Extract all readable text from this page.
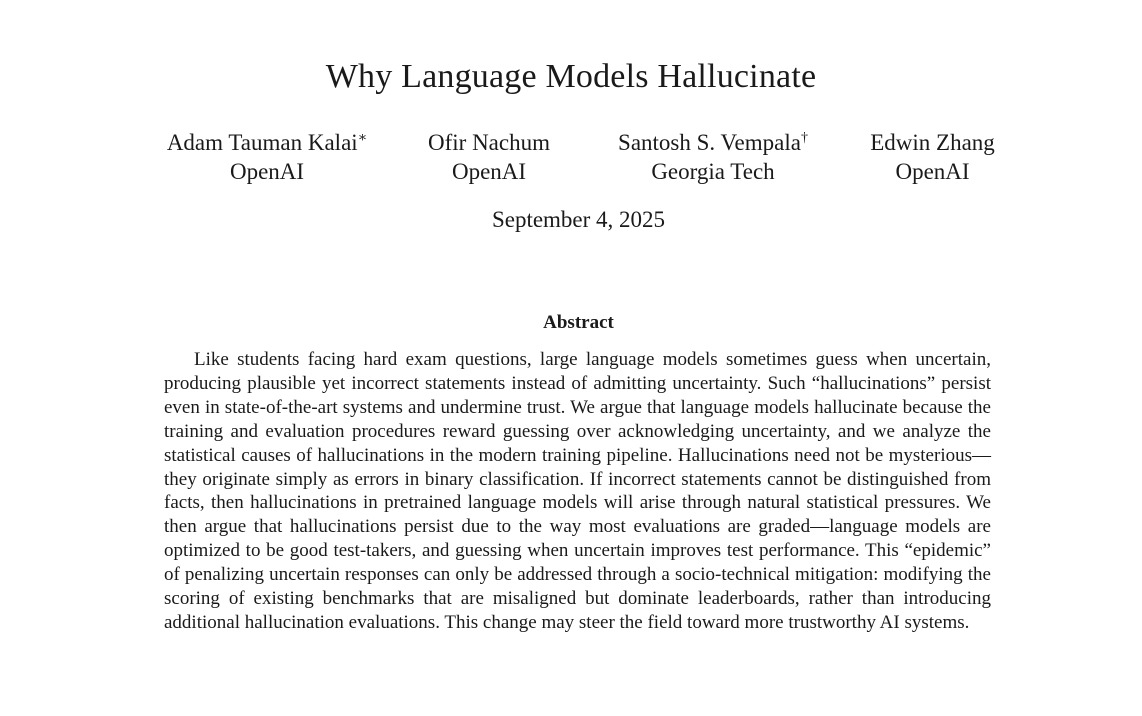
Why Language Models Hallucinate
Adam Tauman Kalai∗
OpenAI
Ofir Nachum
OpenAI
Santosh S. Vempala†
Georgia Tech
Edwin Zhang
OpenAI
September 4, 2025
Abstract

Like students facing hard exam questions, large language models sometimes guess when uncertain, producing plausible yet incorrect statements instead of admitting uncertainty. Such “hallucinations” persist even in state-of-the-art systems and undermine trust. We argue that language models hallucinate because the training and evaluation procedures reward guessing over acknowledging uncertainty, and we analyze the statistical causes of hallucinations in the modern training pipeline. Hallucinations need not be mysterious—they originate simply as errors in binary classification. If incorrect statements cannot be distinguished from facts, then hallucinations in pretrained language models will arise through natural statistical pressures. We then argue that hallucinations persist due to the way most evaluations are graded—language models are optimized to be good test-takers, and guessing when uncertain improves test performance. This “epidemic” of penalizing uncertain responses can only be addressed through a socio-technical mitigation: modifying the scoring of existing benchmarks that are misaligned but dominate leaderboards, rather than introducing additional hallucination evaluations. This change may steer the field toward more trustworthy AI systems.
